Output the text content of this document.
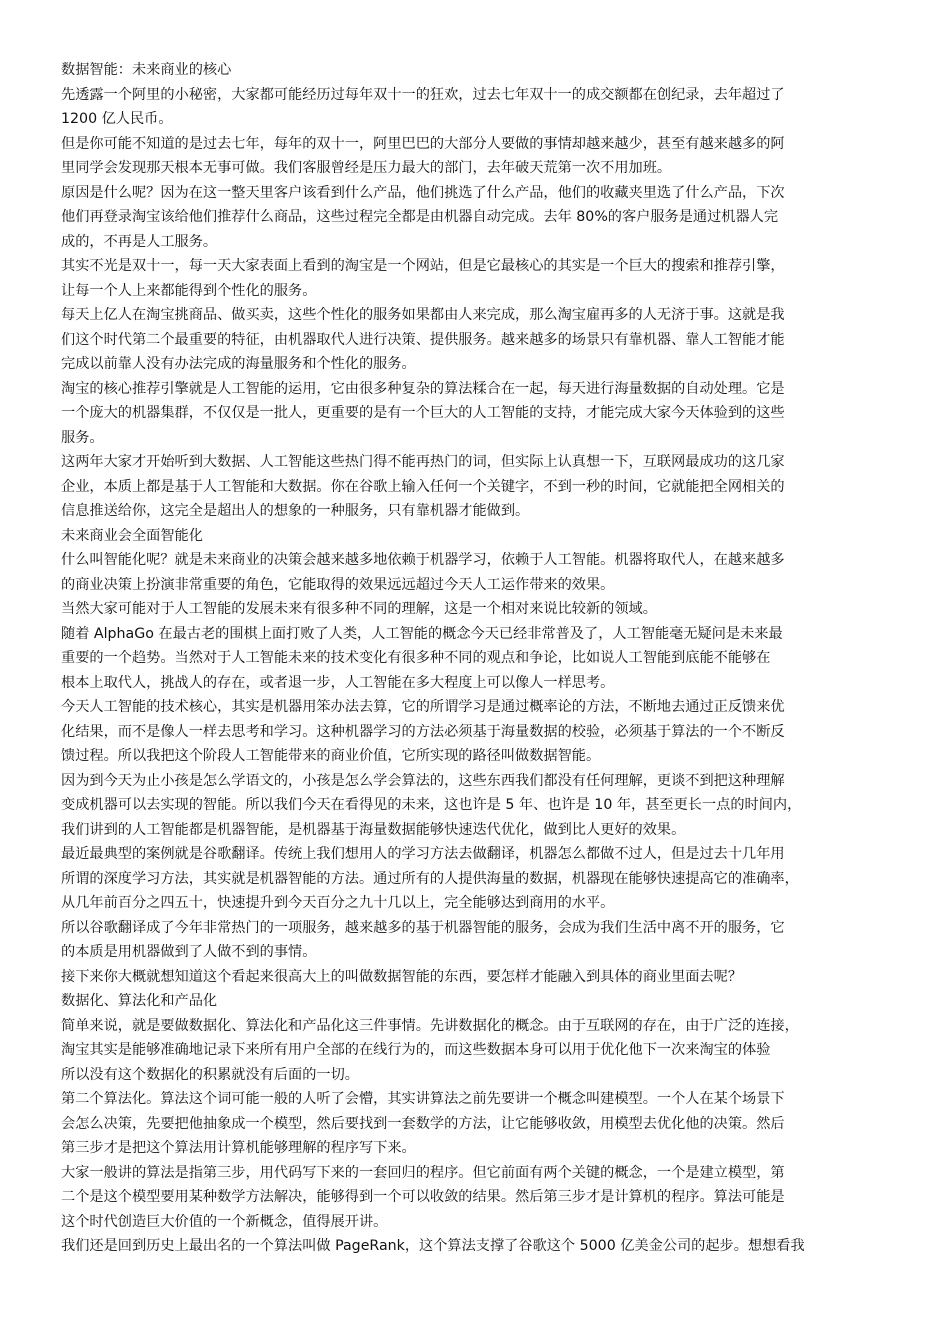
数据智能：未来商业的核心
先透露一个阿里的小秘密，大家都可能经历过每年双十一的狂欢，过去七年双十一的成交额都在创纪录，去年超过了
1200 亿人民币。
但是你可能不知道的是过去七年，每年的双十一，阿里巴巴的大部分人要做的事情却越来越少，甚至有越来越多的阿
里同学会发现那天根本无事可做。我们客服曾经是压力最大的部门，去年破天荒第一次不用加班。
原因是什么呢？因为在这一整天里客户该看到什么产品，他们挑选了什么产品，他们的收藏夹里选了什么产品，下次
他们再登录淘宝该给他们推荐什么商品，这些过程完全都是由机器自动完成。去年 80%的客户服务是通过机器人完
成的，不再是人工服务。
其实不光是双十一，每一天大家表面上看到的淘宝是一个网站，但是它最核心的其实是一个巨大的搜索和推荐引擎，
让每一个人上来都能得到个性化的服务。
每天上亿人在淘宝挑商品、做买卖，这些个性化的服务如果都由人来完成，那么淘宝雇再多的人无济于事。这就是我
们这个时代第二个最重要的特征，由机器取代人进行决策、提供服务。越来越多的场景只有靠机器、靠人工智能才能
完成以前靠人没有办法完成的海量服务和个性化的服务。
淘宝的核心推荐引擎就是人工智能的运用，它由很多种复杂的算法糅合在一起，每天进行海量数据的自动处理。它是
一个庞大的机器集群，不仅仅是一批人，更重要的是有一个巨大的人工智能的支持，才能完成大家今天体验到的这些
服务。
这两年大家才开始听到大数据、人工智能这些热门得不能再热门的词，但实际上认真想一下，互联网最成功的这几家
企业，本质上都是基于人工智能和大数据。你在谷歌上输入任何一个关键字，不到一秒的时间，它就能把全网相关的
信息推送给你，这完全是超出人的想象的一种服务，只有靠机器才能做到。
未来商业会全面智能化
什么叫智能化呢？就是未来商业的决策会越来越多地依赖于机器学习，依赖于人工智能。机器将取代人，在越来越多
的商业决策上扮演非常重要的角色，它能取得的效果远远超过今天人工运作带来的效果。
当然大家可能对于人工智能的发展未来有很多种不同的理解，这是一个相对来说比较新的领域。
随着 AlphaGo 在最古老的围棋上面打败了人类，人工智能的概念今天已经非常普及了，人工智能毫无疑问是未来最
重要的一个趋势。当然对于人工智能未来的技术变化有很多种不同的观点和争论，比如说人工智能到底能不能够在
根本上取代人，挑战人的存在，或者退一步，人工智能在多大程度上可以像人一样思考。
今天人工智能的技术核心，其实是机器用笨办法去算，它的所谓学习是通过概率论的方法，不断地去通过正反馈来优
化结果，而不是像人一样去思考和学习。这种机器学习的方法必须基于海量数据的校验，必须基于算法的一个不断反
馈过程。所以我把这个阶段人工智能带来的商业价值，它所实现的路径叫做数据智能。
因为到今天为止小孩是怎么学语文的，小孩是怎么学会算法的，这些东西我们都没有任何理解，更谈不到把这种理解
变成机器可以去实现的智能。所以我们今天在看得见的未来，这也许是 5 年、也许是 10 年，甚至更长一点的时间内，
我们讲到的人工智能都是机器智能，是机器基于海量数据能够快速迭代优化，做到比人更好的效果。
最近最典型的案例就是谷歌翻译。传统上我们想用人的学习方法去做翻译，机器怎么都做不过人，但是过去十几年用
所谓的深度学习方法，其实就是机器智能的方法。通过所有的人提供海量的数据，机器现在能够快速提高它的准确率，
从几年前百分之四五十，快速提升到今天百分之九十几以上，完全能够达到商用的水平。
所以谷歌翻译成了今年非常热门的一项服务，越来越多的基于机器智能的服务，会成为我们生活中离不开的服务，它
的本质是用机器做到了人做不到的事情。
接下来你大概就想知道这个看起来很高大上的叫做数据智能的东西，要怎样才能融入到具体的商业里面去呢？
数据化、算法化和产品化
简单来说，就是要做数据化、算法化和产品化这三件事情。先讲数据化的概念。由于互联网的存在，由于广泛的连接，
淘宝其实是能够准确地记录下来所有用户全部的在线行为的，而这些数据本身可以用于优化他下一次来淘宝的体验
所以没有这个数据化的积累就没有后面的一切。
第二个算法化。算法这个词可能一般的人听了会懵，其实讲算法之前先要讲一个概念叫建模型。一个人在某个场景下
会怎么决策，先要把他抽象成一个模型，然后要找到一套数学的方法，让它能够收敛，用模型去优化他的决策。然后
第三步才是把这个算法用计算机能够理解的程序写下来。
大家一般讲的算法是指第三步，用代码写下来的一套回归的程序。但它前面有两个关键的概念，一个是建立模型，第
二个是这个模型要用某种数学方法解决，能够得到一个可以收敛的结果。然后第三步才是计算机的程序。算法可能是
这个时代创造巨大价值的一个新概念，值得展开讲。
我们还是回到历史上最出名的一个算法叫做 PageRank，这个算法支撑了谷歌这个 5000 亿美金公司的起步。想想看我
